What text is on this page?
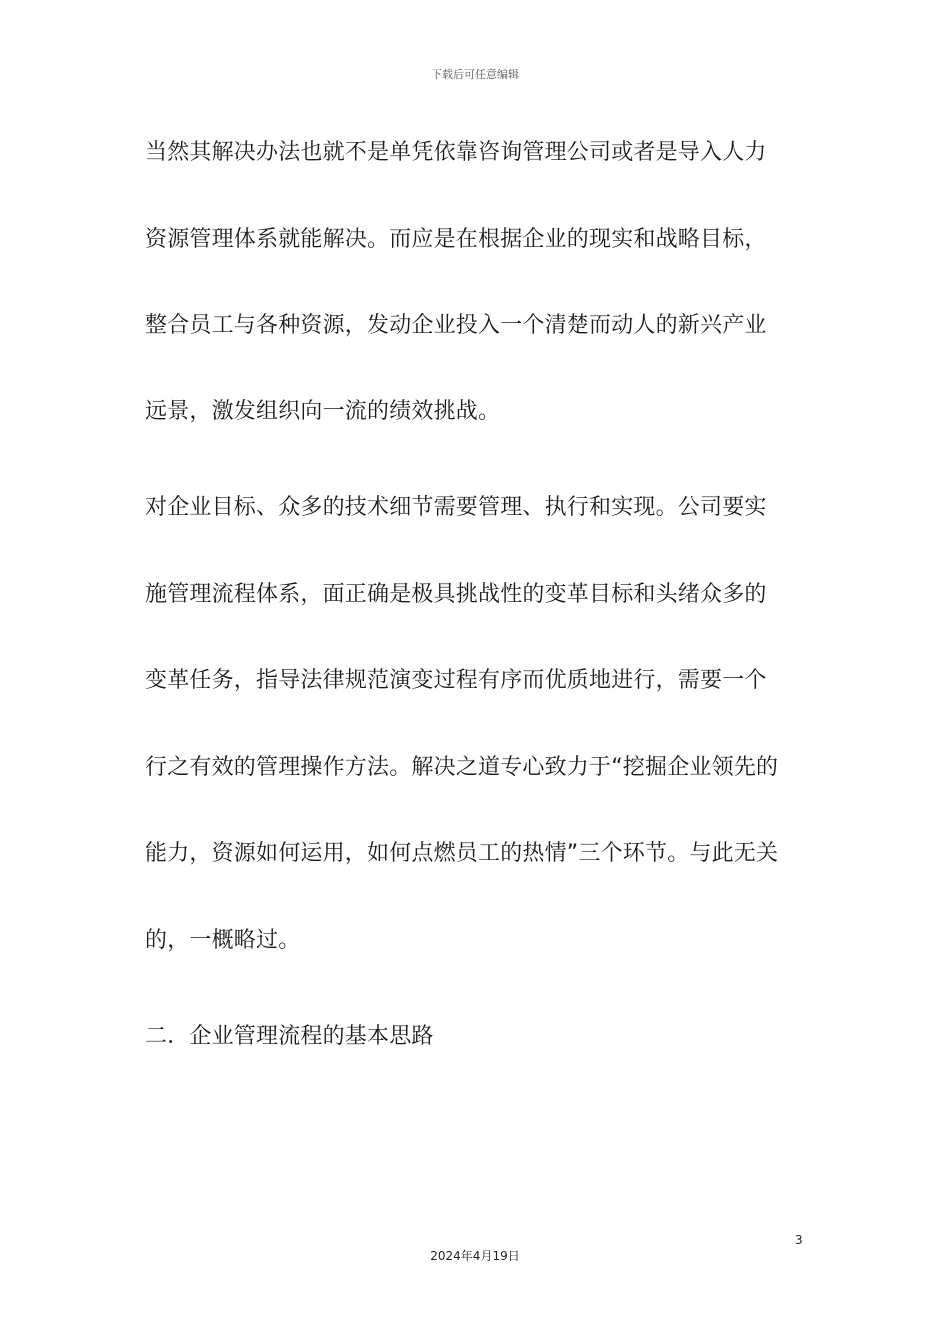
下载后可任意编辑
当然其解决办法也就不是单凭依靠咨询管理公司或者是导入人力
资源管理体系就能解决。而应是在根据企业的现实和战略目标，
整合员工与各种资源，发动企业投入一个清楚而动人的新兴产业
远景，激发组织向一流的绩效挑战。
对企业目标、众多的技术细节需要管理、执行和实现。公司要实
施管理流程体系，面正确是极具挑战性的变革目标和头绪众多的
变革任务，指导法律规范演变过程有序而优质地进行，需要一个
行之有效的管理操作方法。解决之道专心致力于“挖掘企业领先的
能力，资源如何运用，如何点燃员工的热情”三个环节。与此无关
的，一概略过。
二．企业管理流程的基本思路
3
2024年4月19日
